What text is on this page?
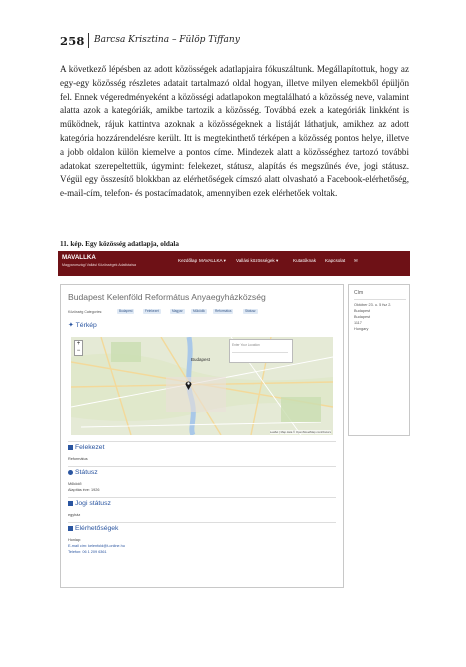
258 Barcsa Krisztina – Fülöp Tiffany
A következő lépésben az adott közösségek adatlapjaira fókuszáltunk. Megállapítottuk, hogy az egy-egy közösség részletes adatait tartalmazó oldal hogyan, illetve milyen elemekből épüljön fel. Ennek végeredményeként a közösségi adatlapokon megtalálható a közösség neve, valamint alatta azok a kategóriák, amikbe tartozik a közösség. Továbbá ezek a kategóriák linkként is működnek, rájuk kattintva azoknak a közösségeknek a listáját láthatjuk, amikhez az adott kategória hozzárendelésre került. Itt is megtekinthető térképen a közösség pontos helye, illetve a jobb oldalon külön kiemelve a pontos címe. Mindezek alatt a közösséghez tartozó további adatokat szerepeltettük, úgymint: felekezet, státusz, alapítás és megszűnés éve, jogi státusz. Végül egy összesítő blokkban az elérhetőségek címszó alatt olvasható a Facebook-elérhetőség, e-mail-cím, telefon- és postacímadatok, amennyiben ezek elérhetőek voltak.
11. kép. Egy közösség adatlapja, oldala
MAVALLKA
Magyarországi Vallási Közösségek Adatbázisa
Kezdőlap MAVALLKA ▾ Vallási közösségek ▾	Kutatóknak Kapcsolat ✉
Budapest Kelenföld Református Anyaegyházközség
Közösség Categories:	Budapest	Felekezet	Magyar	Működik	Református	Státusz
✦ Térkép
+
−
Budapest
Enter Your Location
Leaflet | Map data © OpenStreetMap contributors
Felekezet
Református
Státusz
Működő
Alapítás éve: 1926
Jogi státusz
egyház
Elérhetőségek
Honlap:
E-mail cím: kelenfold@t-online.hu
Telefon: 06 1 209 6361
Cím
Október 23. u. 5 fsz 2.
Budapest
Budapest
1117
Hungary
